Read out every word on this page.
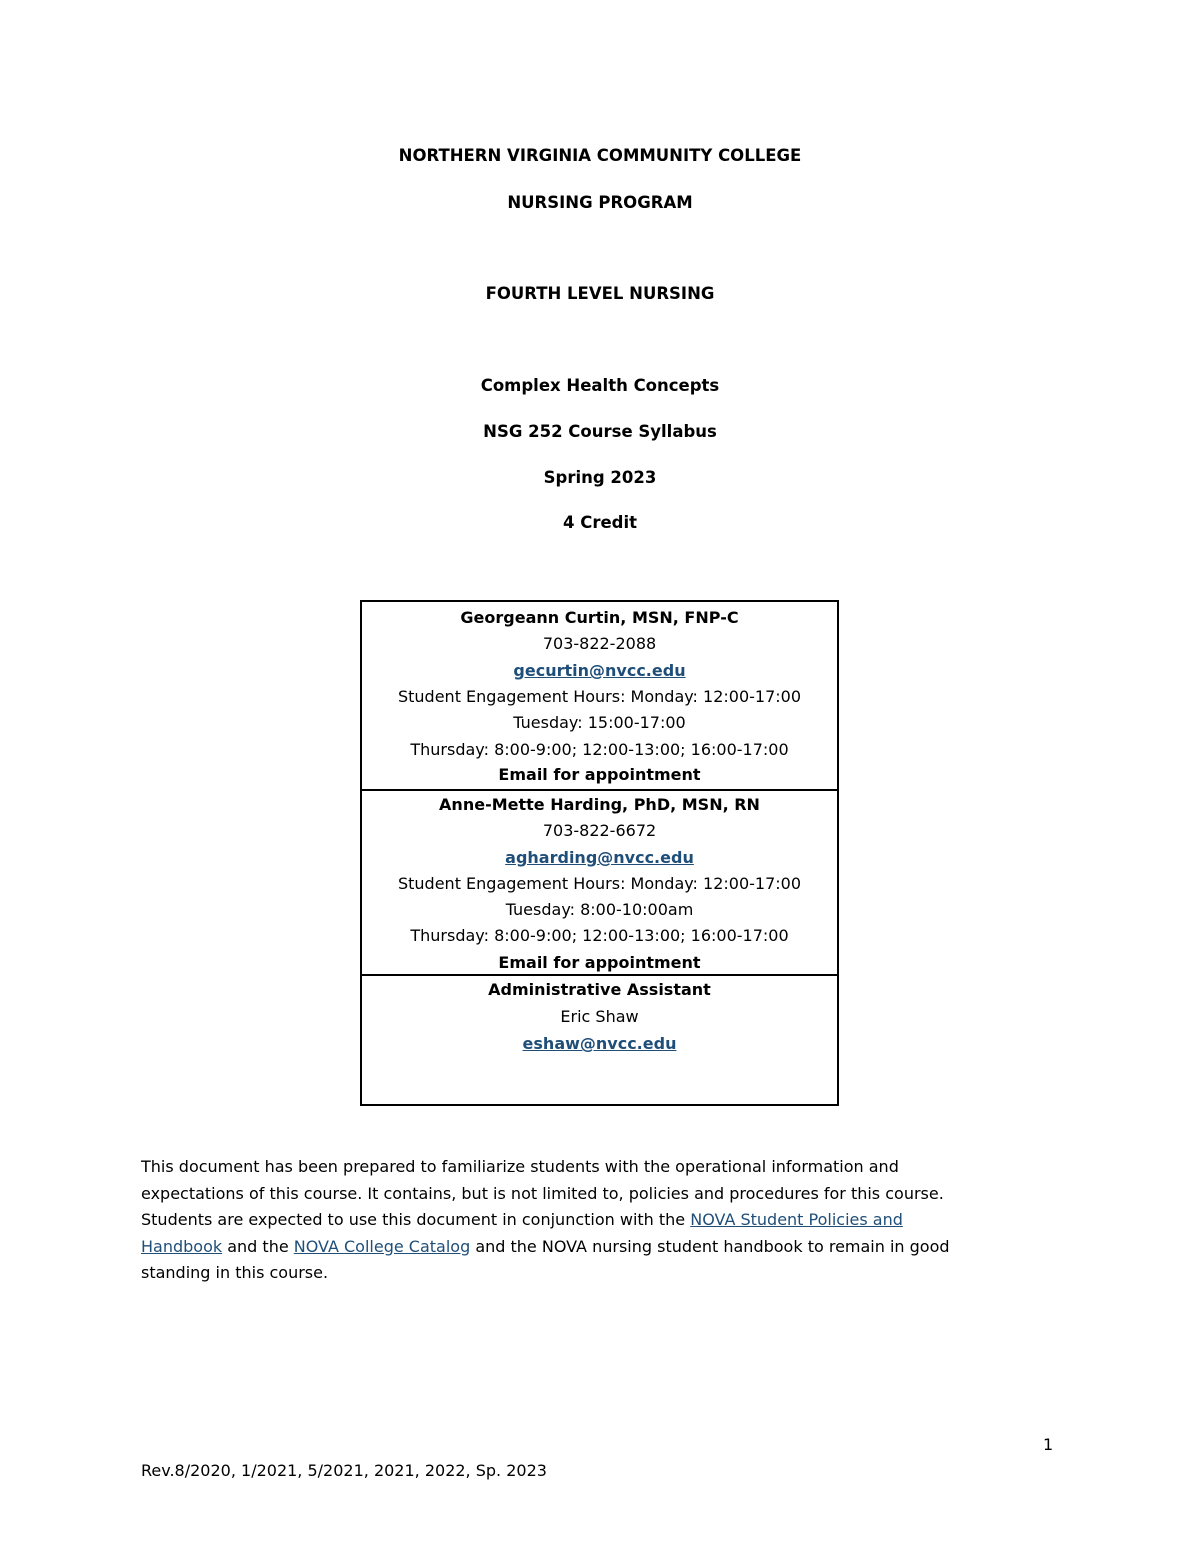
NORTHERN VIRGINIA COMMUNITY COLLEGE
NURSING PROGRAM
FOURTH LEVEL NURSING
Complex Health Concepts
NSG 252 Course Syllabus
Spring 2023
4 Credit
Georgeann Curtin, MSN, FNP-C
703-822-2088
gecurtin@nvcc.edu
Student Engagement Hours: Monday: 12:00-17:00
Tuesday: 15:00-17:00
Thursday: 8:00-9:00; 12:00-13:00; 16:00-17:00
Email for appointment
Anne-Mette Harding, PhD, MSN, RN
703-822-6672
agharding@nvcc.edu
Student Engagement Hours: Monday: 12:00-17:00
Tuesday: 8:00-10:00am
Thursday: 8:00-9:00; 12:00-13:00; 16:00-17:00
Email for appointment
Administrative Assistant
Eric Shaw
eshaw@nvcc.edu
This document has been prepared to familiarize students with the operational information and
expectations of this course. It contains, but is not limited to, policies and procedures for this course.
Students are expected to use this document in conjunction with the NOVA Student Policies and
Handbook and the NOVA College Catalog and the NOVA nursing student handbook to remain in good
standing in this course.
1
Rev.8/2020, 1/2021, 5/2021, 2021, 2022, Sp. 2023
